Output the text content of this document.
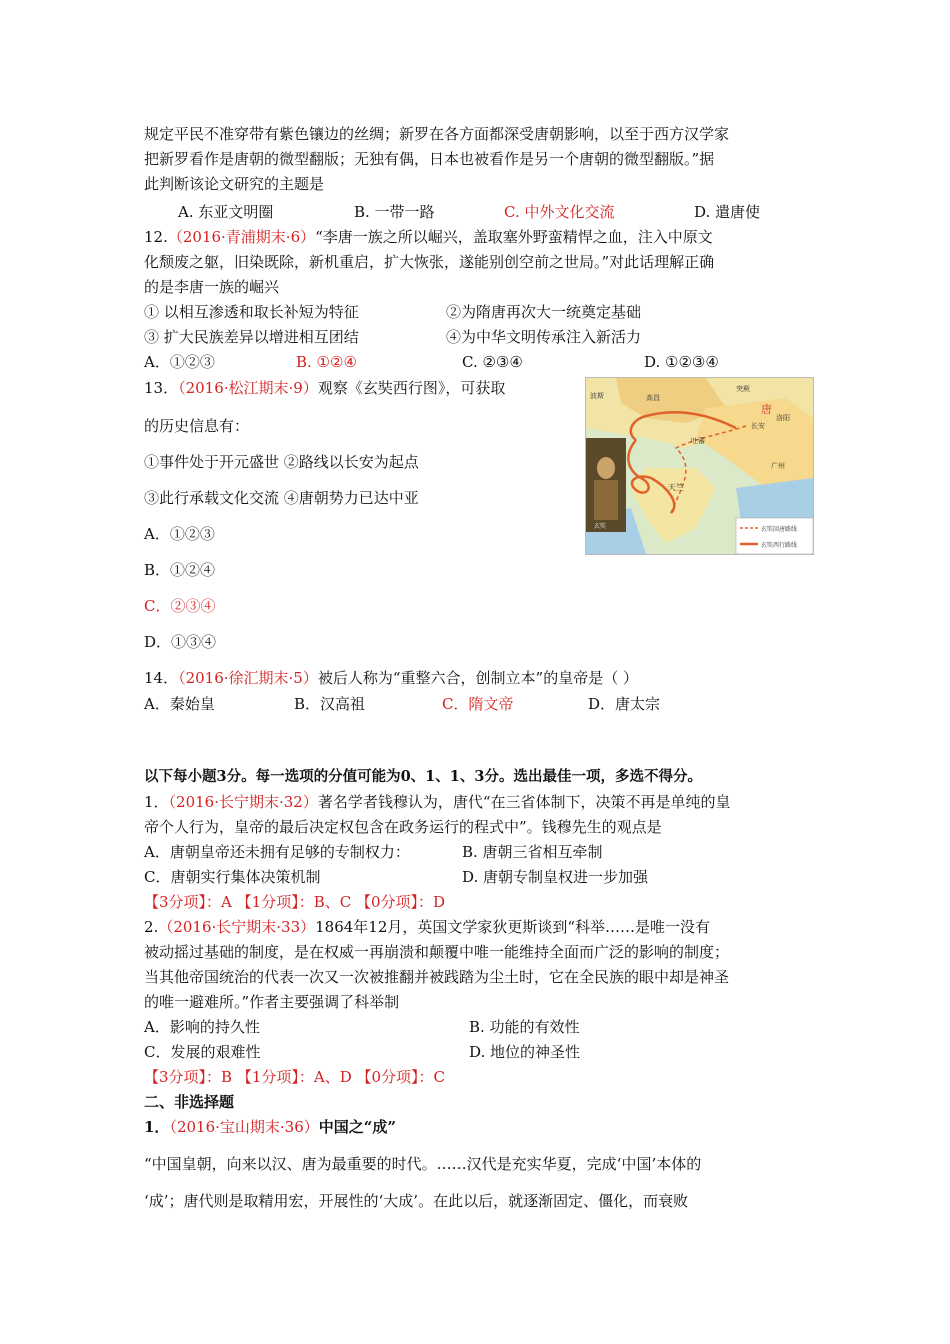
规定平民不准穿带有紫色镶边的丝绸；新罗在各方面都深受唐朝影响，以至于西方汉学家
把新罗看作是唐朝的微型翻版；无独有偶，日本也被看作是另一个唐朝的微型翻版。”据
此判断该论文研究的主题是
A. 东亚文明圈	B. 一带一路	C. 中外文化交流	D. 遣唐使
12.（2016·青浦期末·6）“李唐一族之所以崛兴，盖取塞外野蛮精悍之血，注入中原文
化颓废之躯，旧染既除，新机重启，扩大恢张，遂能别创空前之世局。”对此话理解正确
的是李唐一族的崛兴
① 以相互渗透和取长补短为特征	②为隋唐再次大一统奠定基础
③ 扩大民族差异以增进相互团结	④为中华文明传承注入新活力
A．①②③	B. ①②④	C. ②③④	D. ①②③④
13．（2016·松江期末·9）观察《玄奘西行图》，可获取
的历史信息有：
①事件处于开元盛世 ②路线以长安为起点
③此行承载文化交流 ④唐朝势力已达中亚
A．①②③
B．①②④
C．②③④
D．①③④
突厥
高昌
长安
唐
吐蕃
天竺
洛阳
广州
波斯
玄奘	玄奘回唐路线
玄奘西行路线
14．（2016·徐汇期末·5）被后人称为“重整六合，创制立本”的皇帝是（ ）
A．秦始皇	B．汉高祖	C．隋文帝	D．唐太宗
以下每小题3分。每一选项的分值可能为0、1、1、3分。选出最佳一项，多选不得分。
1．（2016·长宁期末·32）著名学者钱穆认为，唐代“在三省体制下，决策不再是单纯的皇
帝个人行为，皇帝的最后决定权包含在政务运行的程式中”。钱穆先生的观点是
A．唐朝皇帝还未拥有足够的专制权力：	B. 唐朝三省相互牵制
C．唐朝实行集体决策机制	D. 唐朝专制皇权进一步加强
【3分项】：A 【1分项】：B、C 【0分项】：D
2.（2016·长宁期末·33）1864年12月，英国文学家狄更斯谈到“科举……是唯一没有
被动摇过基础的制度，是在权威一再崩溃和颠覆中唯一能维持全面而广泛的影响的制度；
当其他帝国统治的代表一次又一次被推翻并被践踏为尘土时，它在全民族的眼中却是神圣
的唯一避难所。”作者主要强调了科举制
A．影响的持久性	B. 功能的有效性
C．发展的艰难性	D. 地位的神圣性
【3分项】：B 【1分项】：A、D 【0分项】：C
二、非选择题
1．（2016·宝山期末·36）中国之“成”
“中国皇朝，向来以汉、唐为最重要的时代。……汉代是充实华夏，完成‘中国’本体的
‘成’；唐代则是取精用宏，开展性的‘大成’。在此以后，就逐渐固定、僵化，而衰败
